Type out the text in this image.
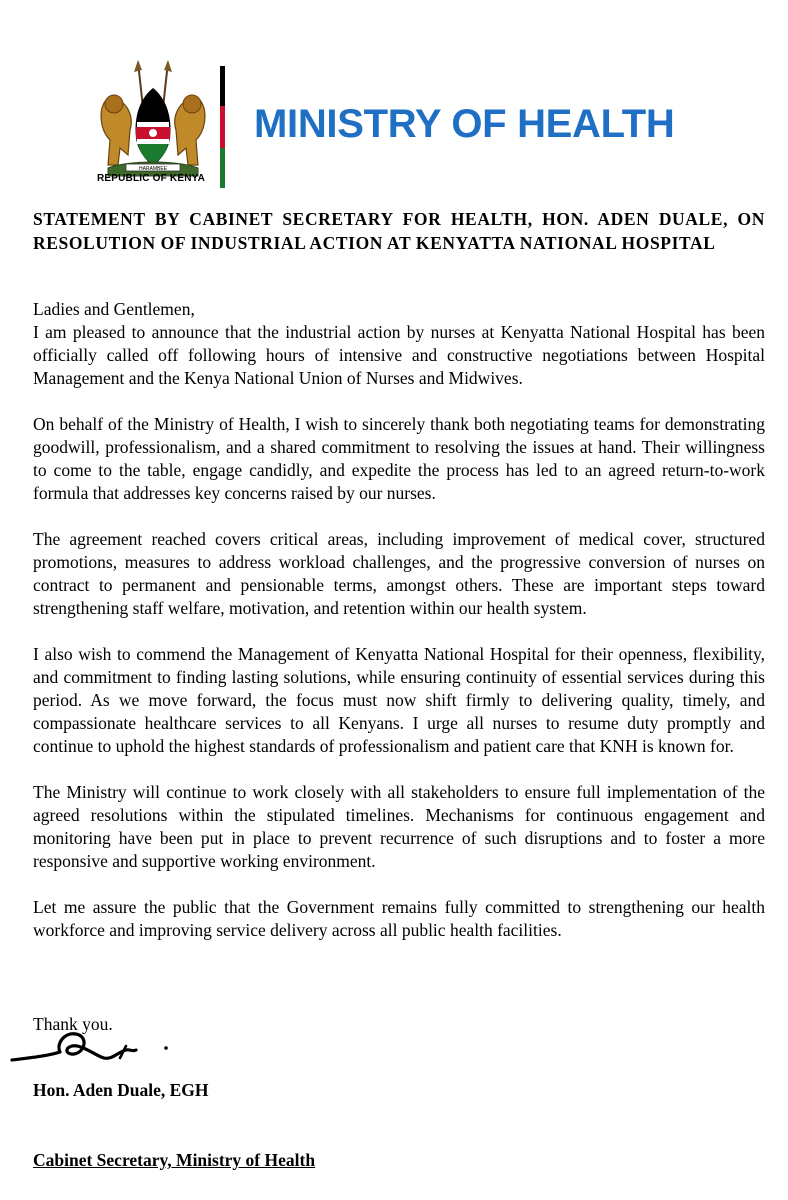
HARAMBEE
REPUBLIC OF KENYA
MINISTRY OF HEALTH
STATEMENT BY CABINET SECRETARY FOR HEALTH, HON. ADEN DUALE, ON RESOLUTION OF INDUSTRIAL ACTION AT KENYATTA NATIONAL HOSPITAL

Ladies and Gentlemen,

I am pleased to announce that the industrial action by nurses at Kenyatta National Hospital has been officially called off following hours of intensive and constructive negotiations between Hospital Management and the Kenya National Union of Nurses and Midwives.

On behalf of the Ministry of Health, I wish to sincerely thank both negotiating teams for demonstrating goodwill, professionalism, and a shared commitment to resolving the issues at hand. Their willingness to come to the table, engage candidly, and expedite the process has led to an agreed return-to-work formula that addresses key concerns raised by our nurses.

The agreement reached covers critical areas, including improvement of medical cover, structured promotions, measures to address workload challenges, and the progressive conversion of nurses on contract to permanent and pensionable terms, amongst others. These are important steps toward strengthening staff welfare, motivation, and retention within our health system.

I also wish to commend the Management of Kenyatta National Hospital for their openness, flexibility, and commitment to finding lasting solutions, while ensuring continuity of essential services during this period. As we move forward, the focus must now shift firmly to delivering quality, timely, and compassionate healthcare services to all Kenyans. I urge all nurses to resume duty promptly and continue to uphold the highest standards of professionalism and patient care that KNH is known for.

The Ministry will continue to work closely with all stakeholders to ensure full implementation of the agreed resolutions within the stipulated timelines. Mechanisms for continuous engagement and monitoring have been put in place to prevent recurrence of such disruptions and to foster a more responsive and supportive working environment.

Let me assure the public that the Government remains fully committed to strengthening our health workforce and improving service delivery across all public health facilities.

Thank you.
Hon. Aden Duale, EGH
Cabinet Secretary, Ministry of Health
